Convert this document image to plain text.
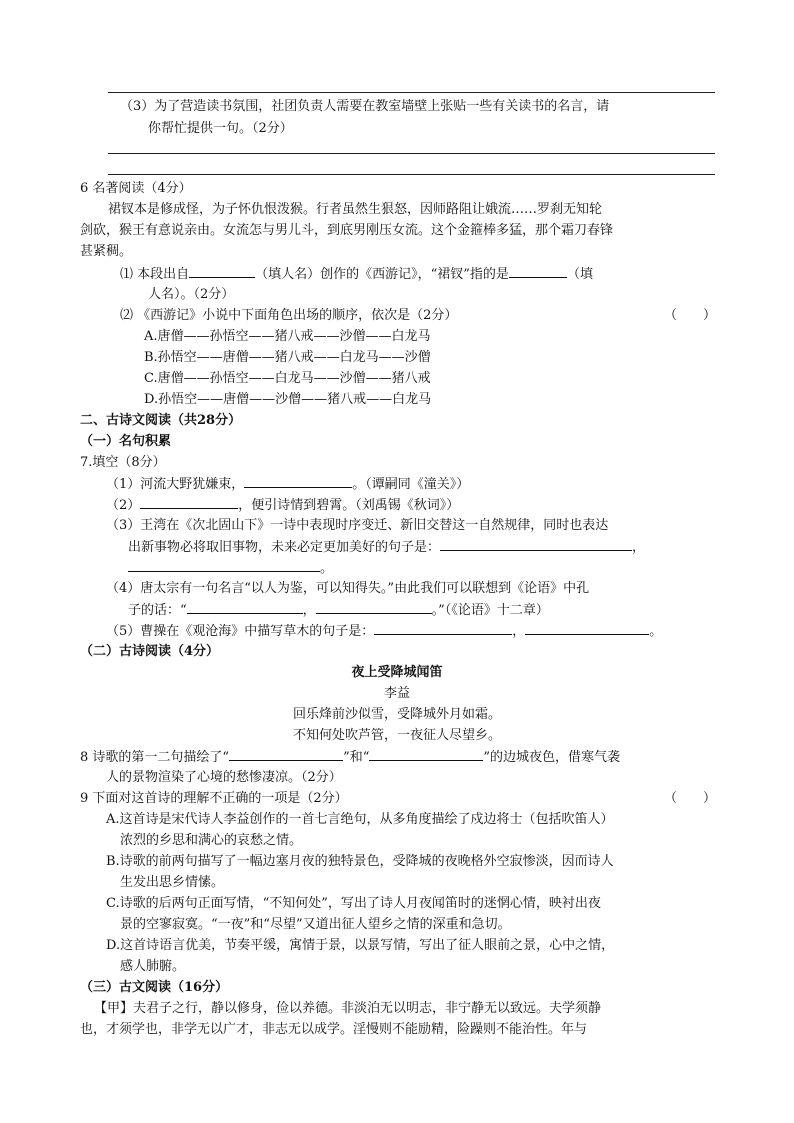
（3）为了营造读书氛围，社团负责人需要在教室墙壁上张贴一些有关读书的名言，请
你帮忙提供一句。（2分）
6 名著阅读（4分）
裙钗本是修成怪，为子怀仇恨泼猴。行者虽然生狠怒，因师路阻让娥流……罗刹无知轮
剑砍，猴王有意说亲由。女流怎与男儿斗，到底男刚压女流。这个金箍棒多猛，那个霜刀春锋
甚紧稠。
⑴ 本段出自	（填人名）创作的《西游记》，“裙钗”指的是	（填
人名）。（2分）
⑵ 《西游记》小说中下面角色出场的顺序，依次是（2分）	（　　）
A.唐僧——孙悟空——猪八戒——沙僧——白龙马
B.孙悟空——唐僧——猪八戒——白龙马——沙僧
C.唐僧——孙悟空——白龙马——沙僧——猪八戒
D.孙悟空——唐僧——沙僧——猪八戒——白龙马
二、古诗文阅读（共28分）
（一）名句积累
7.填空（8分）
（1）河流大野犹嫌束，	。（谭嗣同《潼关》）
（2）	，便引诗情到碧霄。（刘禹锡《秋词》）
（3）王湾在《次北固山下》一诗中表现时序变迁、新旧交替这一自然规律，同时也表达
出新事物必将取旧事物，未来必定更加美好的句子是：	，
。
（4）唐太宗有一句名言“以人为鉴，可以知得失。”由此我们可以联想到《论语》中孔
子的话：“	，	。”（《论语》十二章）
（5）曹操在《观沧海》中描写草木的句子是：	，	。
（二）古诗阅读（4分）
夜上受降城闻笛
李益
回乐烽前沙似雪，受降城外月如霜。
不知何处吹芦管，一夜征人尽望乡。
8 诗歌的第一二句描绘了“	”和“	”的边城夜色，借寒气袭
人的景物渲染了心境的愁惨凄凉。（2分）
9 下面对这首诗的理解不正确的一项是（2分）	（　　）
A.这首诗是宋代诗人李益创作的一首七言绝句，从多角度描绘了戍边将士（包括吹笛人）
浓烈的乡思和满心的哀愁之情。
B.诗歌的前两句描写了一幅边塞月夜的独特景色，受降城的夜晚格外空寂惨淡，因而诗人
生发出思乡情愫。
C.诗歌的后两句正面写情，“不知何处”，写出了诗人月夜闻笛时的迷惘心情，映衬出夜
景的空寥寂寞。“一夜”和“尽望”又道出征人望乡之情的深重和急切。
D.这首诗语言优美，节奏平缓，寓情于景，以景写情，写出了征人眼前之景，心中之情，
感人肺腑。
（三）古文阅读（16分）
【甲】夫君子之行，静以修身，俭以养德。非淡泊无以明志，非宁静无以致远。夫学须静
也，才须学也，非学无以广才，非志无以成学。淫慢则不能励精，险躁则不能治性。年与
